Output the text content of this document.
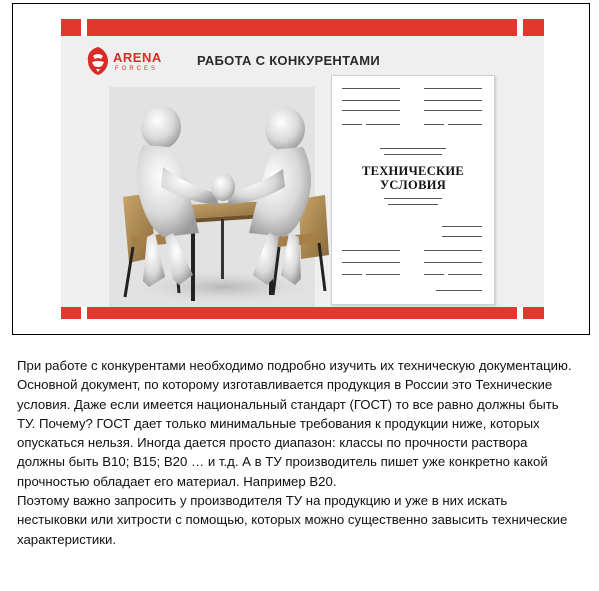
ARENA
FORCES
РАБОТА С КОНКУРЕНТАМИ
ТЕХНИЧЕСКИЕ
УСЛОВИЯ

При работе с конкурентами необходимо подробно изучить их техническую документацию. Основной документ, по которому изготавливается продукция в России это Технические условия. Даже если имеется национальный стандарт (ГОСТ) то все равно должны быть ТУ. Почему? ГОСТ дает только минимальные требования к продукции ниже, которых опускаться нельзя. Иногда дается просто диапазон: классы по прочности раствора должны быть В10; В15; В20 … и т.д. А в ТУ производитель пишет уже конкретно какой прочностью обладает его материал. Например В20.
Поэтому важно запросить у производителя ТУ на продукцию и уже в них искать нестыковки или хитрости с помощью, которых можно существенно завысить технические характеристики.
